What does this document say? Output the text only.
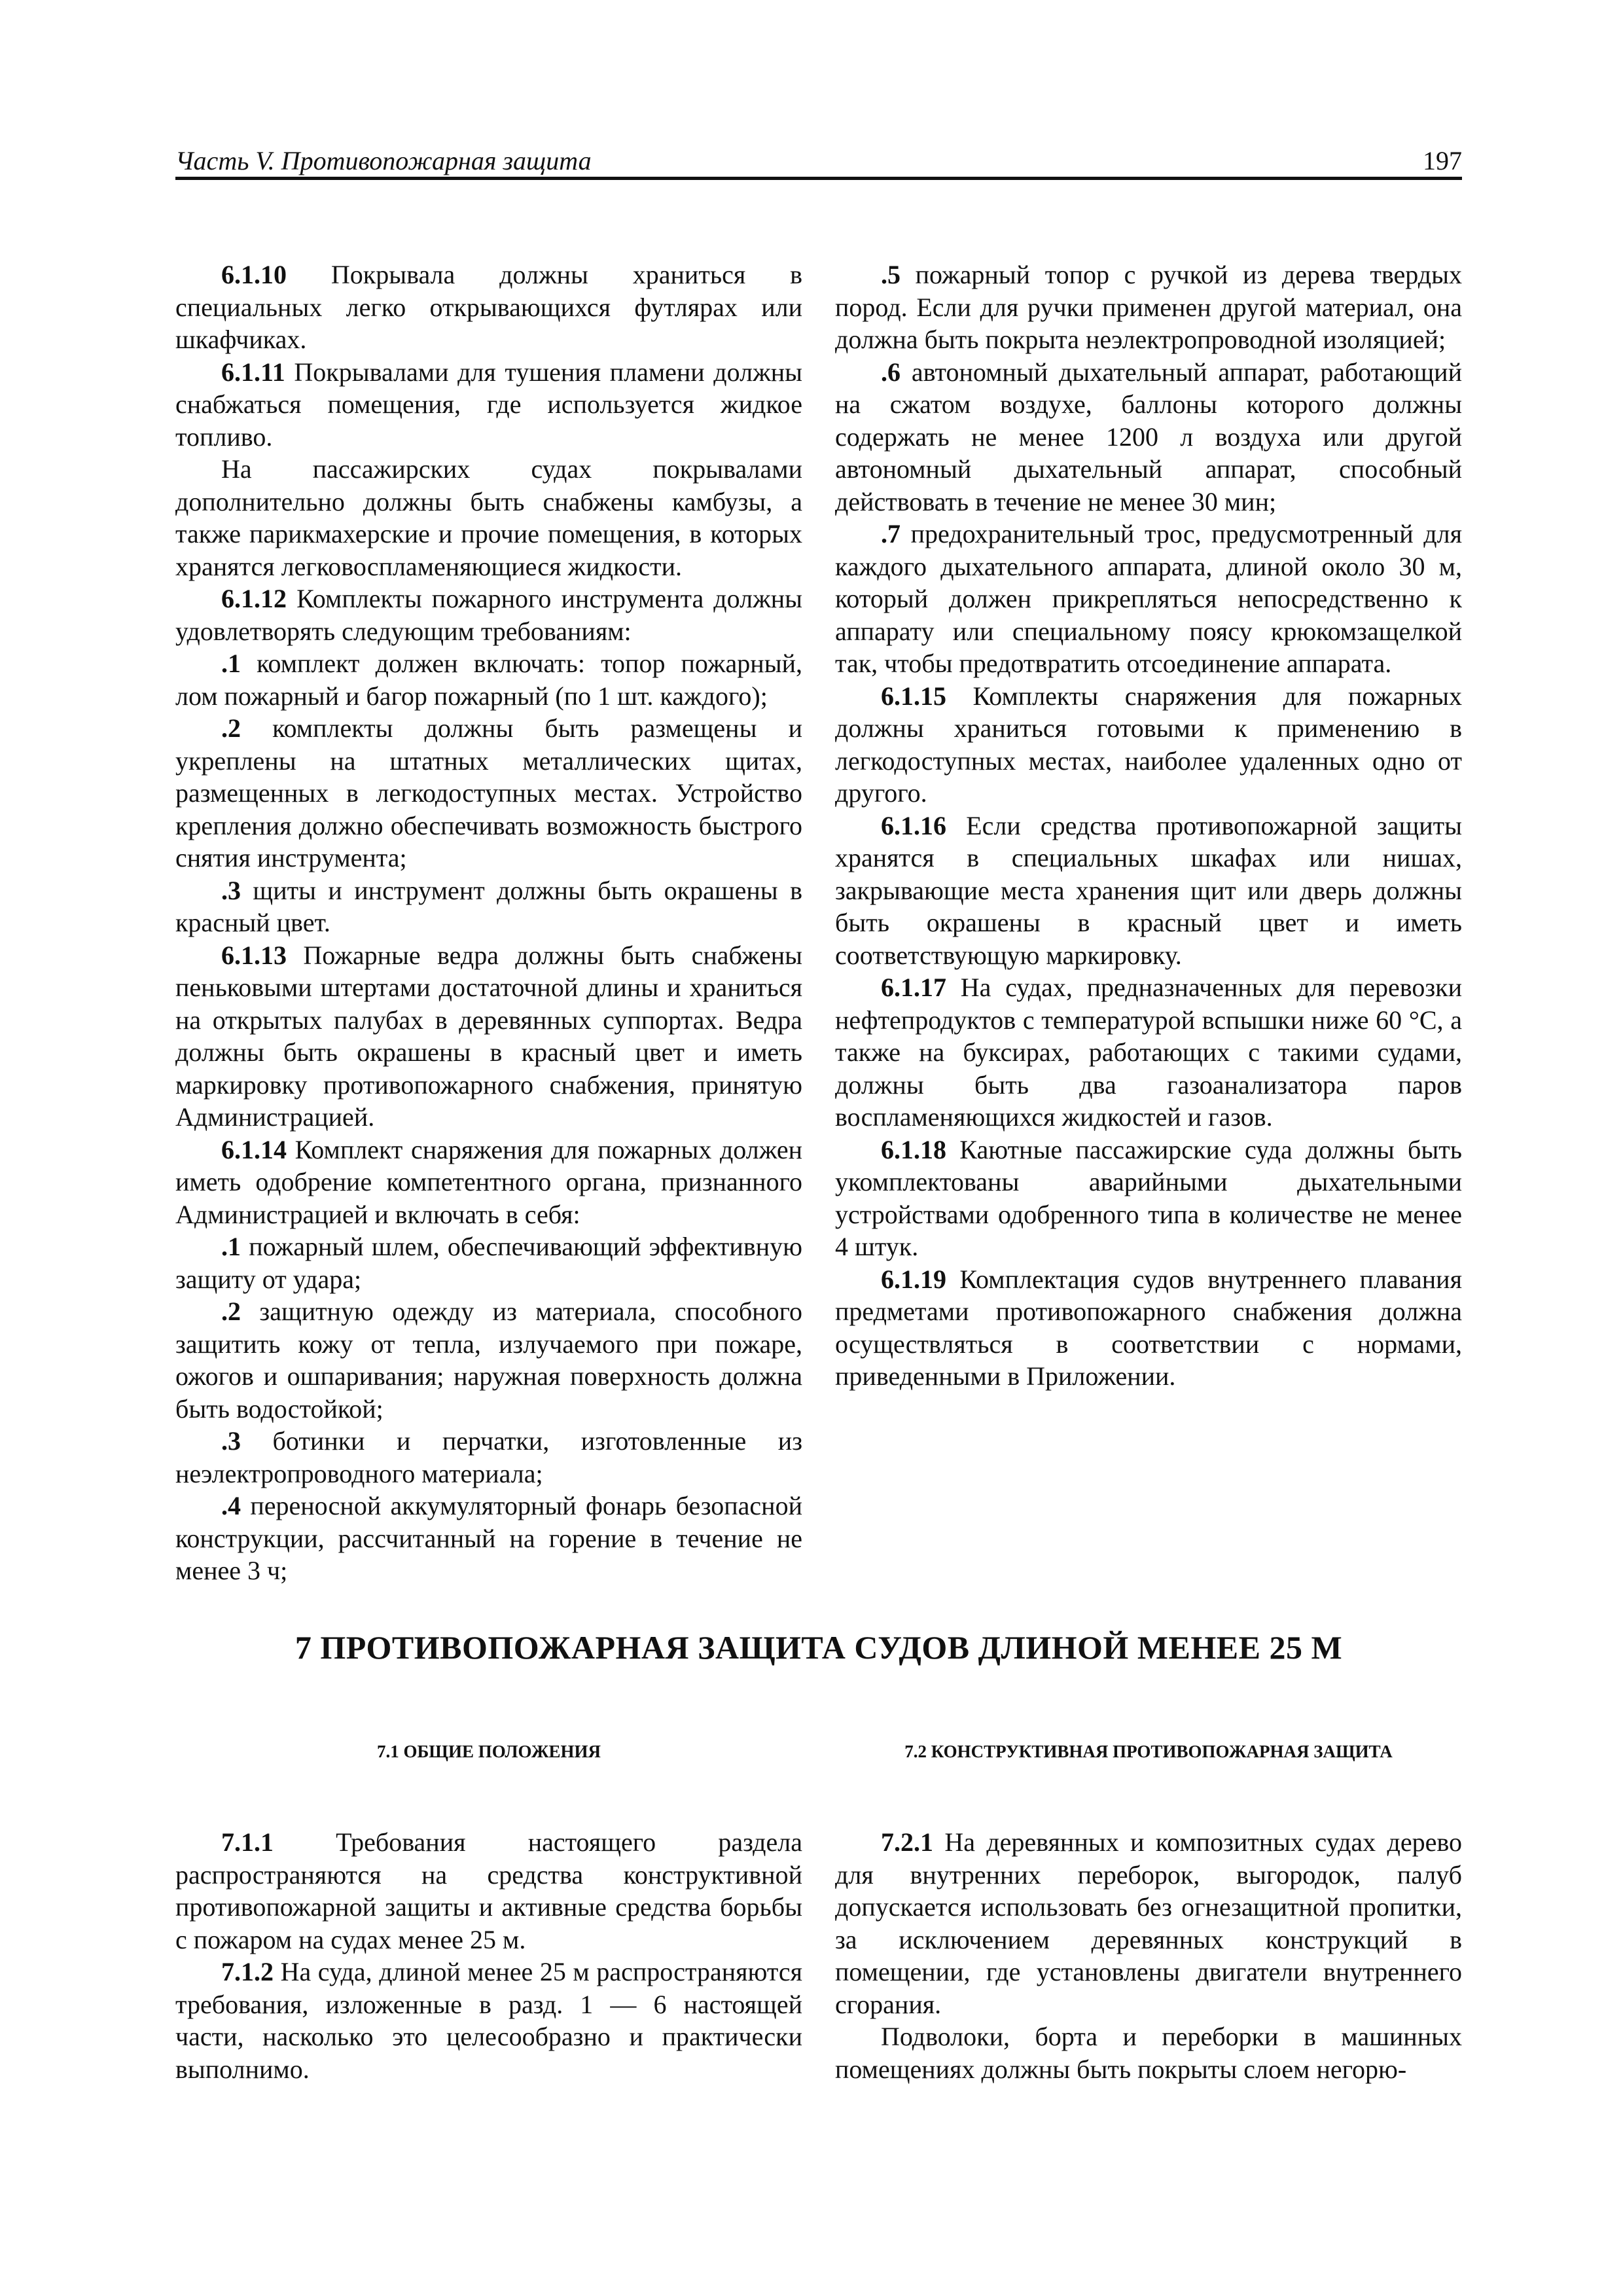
Часть V. Противопожарная защита	197

6.1.10 Покрывала должны храниться в специальных легко открывающихся футлярах или шкафчиках.

6.1.11 Покрывалами для тушения пламени должны снабжаться помещения, где используется жидкое топливо.

На пассажирских судах покрывалами дополнительно должны быть снабжены камбузы, а также парикмахерские и прочие помещения, в которых хранятся легковоспламеняющиеся жидкости.

6.1.12 Комплекты пожарного инструмента должны удовлетворять следующим требованиям:

.1 комплект должен включать: топор пожарный, лом пожарный и багор пожарный (по 1 шт. каждого);

.2 комплекты должны быть размещены и укреплены на штатных металлических щитах, размещенных в легкодоступных местах. Устройство крепления должно обеспечивать возможность быстрого снятия инструмента;

.3 щиты и инструмент должны быть окрашены в красный цвет.

6.1.13 Пожарные ведра должны быть снабжены пеньковыми штертами достаточной длины и храниться на открытых палубах в деревянных суппортах. Ведра должны быть окрашены в красный цвет и иметь маркировку противопожарного снабжения, принятую Администрацией.

6.1.14 Комплект снаряжения для пожарных должен иметь одобрение компетентного органа, признанного Администрацией и включать в себя:

.1 пожарный шлем, обеспечивающий эффективную защиту от удара;

.2 защитную одежду из материала, способного защитить кожу от тепла, излучаемого при пожаре, ожогов и ошпаривания; наружная поверхность должна быть водостойкой;

.3 ботинки и перчатки, изготовленные из неэлектропроводного материала;

.4 переносной аккумуляторный фонарь безопасной конструкции, рассчитанный на горение в течение не менее 3 ч;

.5 пожарный топор с ручкой из дерева твердых пород. Если для ручки применен другой материал, она должна быть покрыта неэлектропроводной изоляцией;

.6 автономный дыхательный аппарат, работающий на сжатом воздухе, баллоны которого должны содержать не менее 1200 л воздуха или другой автономный дыхательный аппарат, способный действовать в течение не менее 30 мин;

.7 предохранительный трос, предусмотренный для каждого дыхательного аппарата, длиной около 30 м, который должен прикрепляться непосредственно к аппарату или специальному поясу крюкомзащелкой так, чтобы предотвратить отсоединение аппарата.

6.1.15 Комплекты снаряжения для пожарных должны храниться готовыми к применению в легкодоступных местах, наиболее удаленных одно от другого.

6.1.16 Если средства противопожарной защиты хранятся в специальных шкафах или нишах, закрывающие места хранения щит или дверь должны быть окрашены в красный цвет и иметь соответствующую маркировку.

6.1.17 На судах, предназначенных для перевозки нефтепродуктов с температурой вспышки ниже 60 °С, а также на буксирах, работающих с такими судами, должны быть два газоанализатора паров воспламеняющихся жидкостей и газов.

6.1.18 Каютные пассажирские суда должны быть укомплектованы аварийными дыхательными устройствами одобренного типа в количестве не менее 4 штук.

6.1.19 Комплектация судов внутреннего плавания предметами противопожарного снабжения должна осуществляться в соответствии с нормами, приведенными в Приложении.

7 ПРОТИВОПОЖАРНАЯ ЗАЩИТА СУДОВ ДЛИНОЙ МЕНЕЕ 25 М
7.1 ОБЩИЕ ПОЛОЖЕНИЯ	7.2 КОНСТРУКТИВНАЯ ПРОТИВОПОЖАРНАЯ ЗАЩИТА

7.1.1 Требования настоящего раздела распространяются на средства конструктивной противопожарной защиты и активные средства борьбы с пожаром на судах менее 25 м.

7.1.2 На суда, длиной менее 25 м распространяются требования, изложенные в разд. 1 — 6 настоящей части, насколько это целесообразно и практически выполнимо.

7.2.1 На деревянных и композитных судах дерево для внутренних переборок, выгородок, палуб допускается использовать без огнезащитной пропитки, за исключением деревянных конструкций в помещении, где установлены двигатели внутреннего сгорания.

Подволоки, борта и переборки в машинных помещениях должны быть покрыты слоем негорю-
